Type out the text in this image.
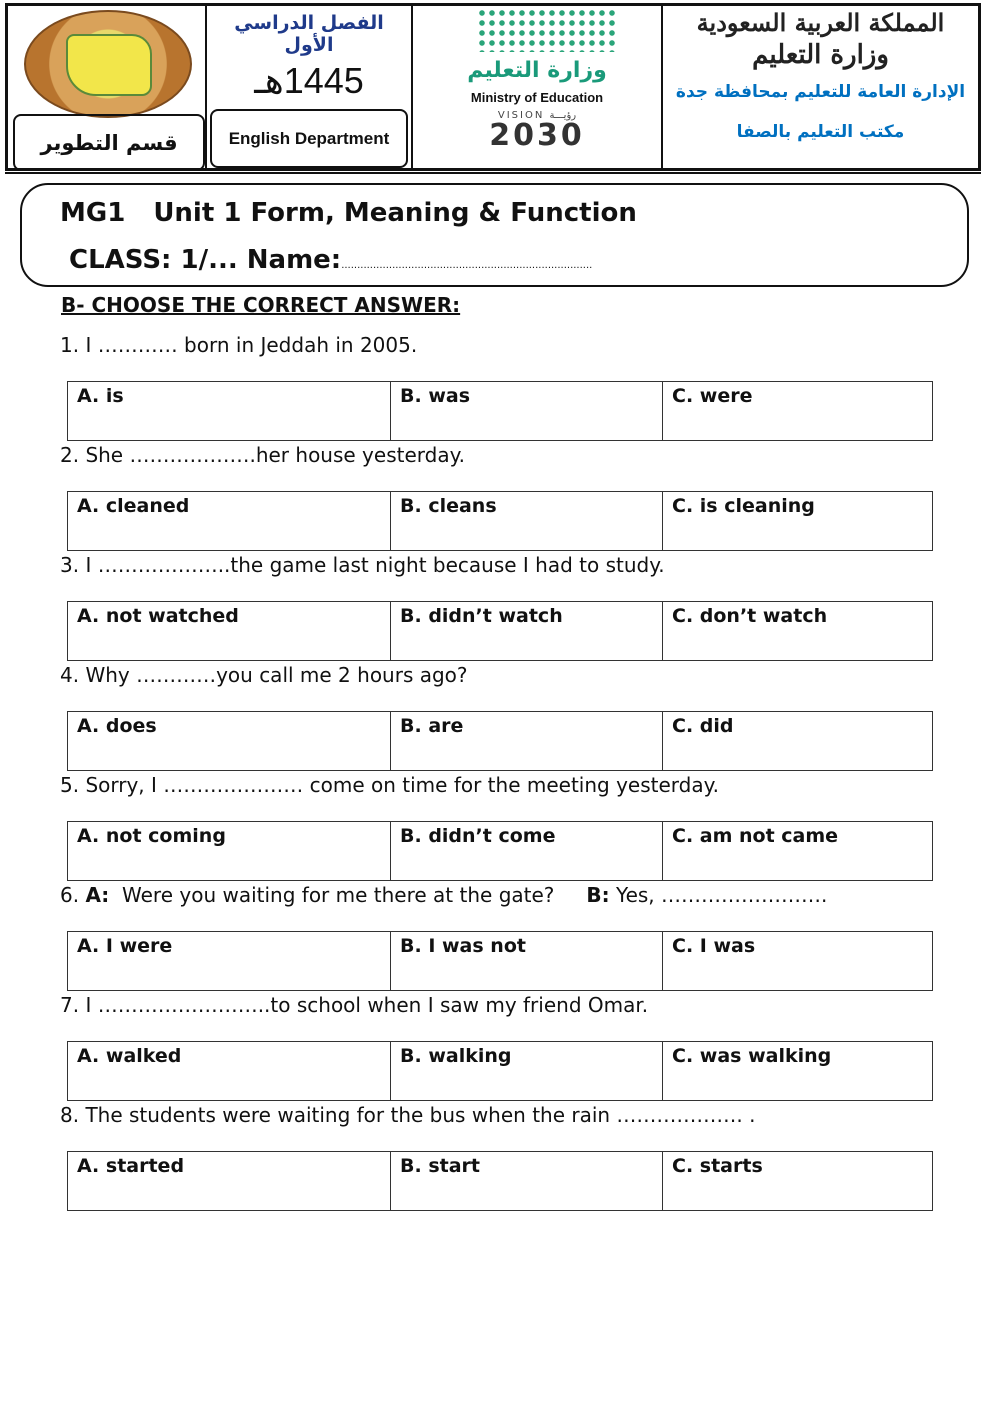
قسم التطوير
الفصل الدراسي الأول
1445هـ
English Department
وزارة التعليم
Ministry of Education
VISION رؤيـــة
2030
المملكة العربية السعودية
وزارة التعليم
الإدارة العامة للتعليم بمحافظة جدة
مكتب التعليم بالصفا
MG1 Unit 1 Form, Meaning & Function
CLASS: 1/... Name:...............................................................................
B- CHOOSE THE CORRECT ANSWER:
1. I ………… born in Jeddah in 2005.
A. is	B. was	C. were
2. She ……………….her house yesterday.
A. cleaned	B. cleans	C. is cleaning
3. I ………………..the game last night because I had to study.
A. not watched	B. didn’t watch	C. don’t watch
4. Why …………you call me 2 hours ago?
A. does	B. are	C. did
5. Sorry, I ………………… come on time for the meeting yesterday.
A. not coming	B. didn’t come	C. am not came
6. A:  Were you waiting for me there at the gate? B: Yes, …………………….
A. I were	B. I was not	C. I was
7. I ……………………..to school when I saw my friend Omar.
A. walked	B. walking	C. was walking
8. The students were waiting for the bus when the rain ………………. .
A. started	B. start	C. starts
